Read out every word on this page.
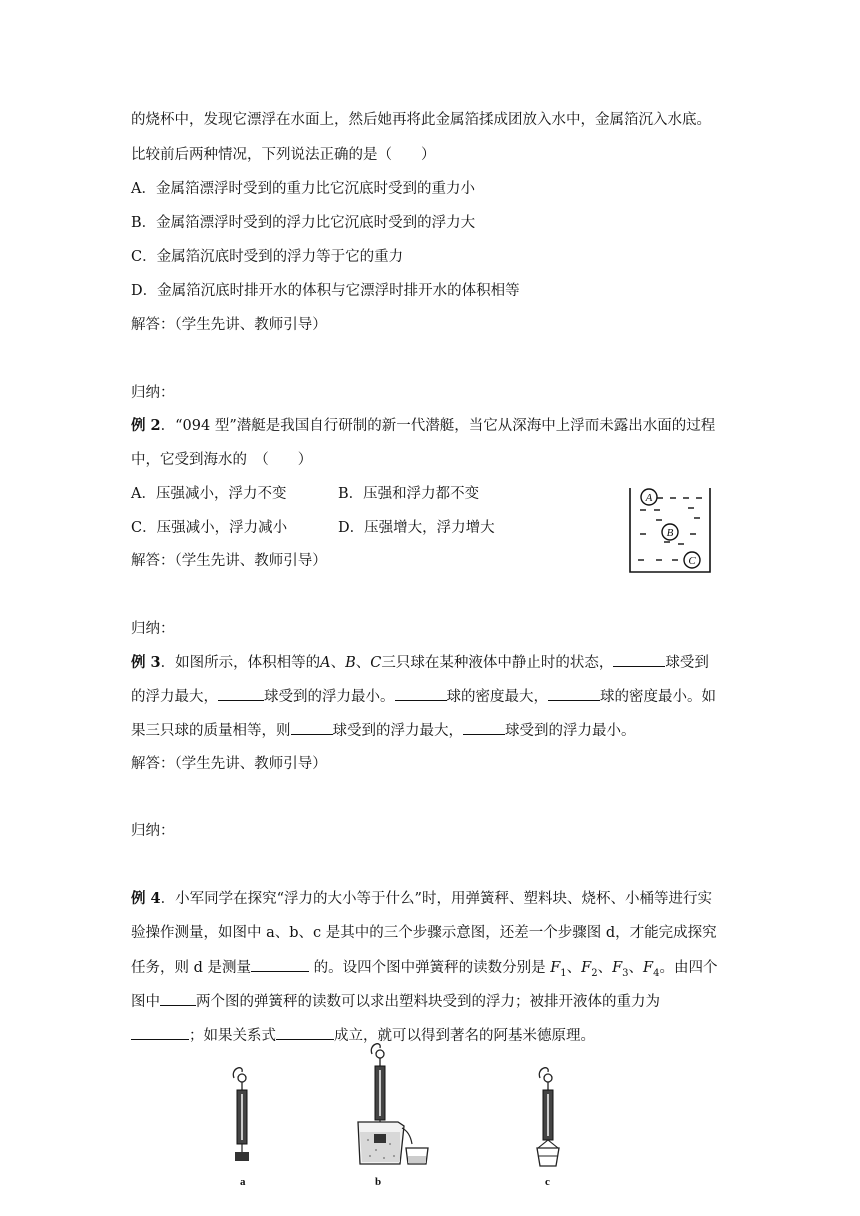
的烧杯中，发现它漂浮在水面上，然后她再将此金属箔揉成团放入水中，金属箔沉入水底。
比较前后两种情况，下列说法正确的是（　　）
A．金属箔漂浮时受到的重力比它沉底时受到的重力小
B．金属箔漂浮时受到的浮力比它沉底时受到的浮力大
C．金属箔沉底时受到的浮力等于它的重力
D．金属箔沉底时排开水的体积与它漂浮时排开水的体积相等
解答：（学生先讲、教师引导）
归纳：
例 2．“094 型”潜艇是我国自行研制的新一代潜艇，当它从深海中上浮而未露出水面的过程
中，它受到海水的　（　　）
A．压强减小，浮力不变	B．压强和浮力都不变
C．压强减小，浮力减小	D．压强增大，浮力增大
解答：（学生先讲、教师引导）
A
B
C
归纳：
例 3．如图所示，体积相等的A、B、C三只球在某种液体中静止时的状态，	球受到
的浮力最大，	球受到的浮力最小。	球的密度最大，	球的密度最小。如
果三只球的质量相等，则	球受到的浮力最大，	球受到的浮力最小。
解答：（学生先讲、教师引导）
归纳：
例 4．小军同学在探究“浮力的大小等于什么”时，用弹簧秤、塑料块、烧杯、小桶等进行实
验操作测量，如图中 a、b、c 是其中的三个步骤示意图，还差一个步骤图 d，才能完成探究
任务，则 d 是测量	的。设四个图中弹簧秤的读数分别是 $F_1$、$F_2$、$F_3$、$F_4$。由四个
图中 两个图的弹簧秤的读数可以求出塑料块受到的浮力；被排开液体的重力为
；如果关系式	成立，就可以得到著名的阿基米德原理。
a	b	c
